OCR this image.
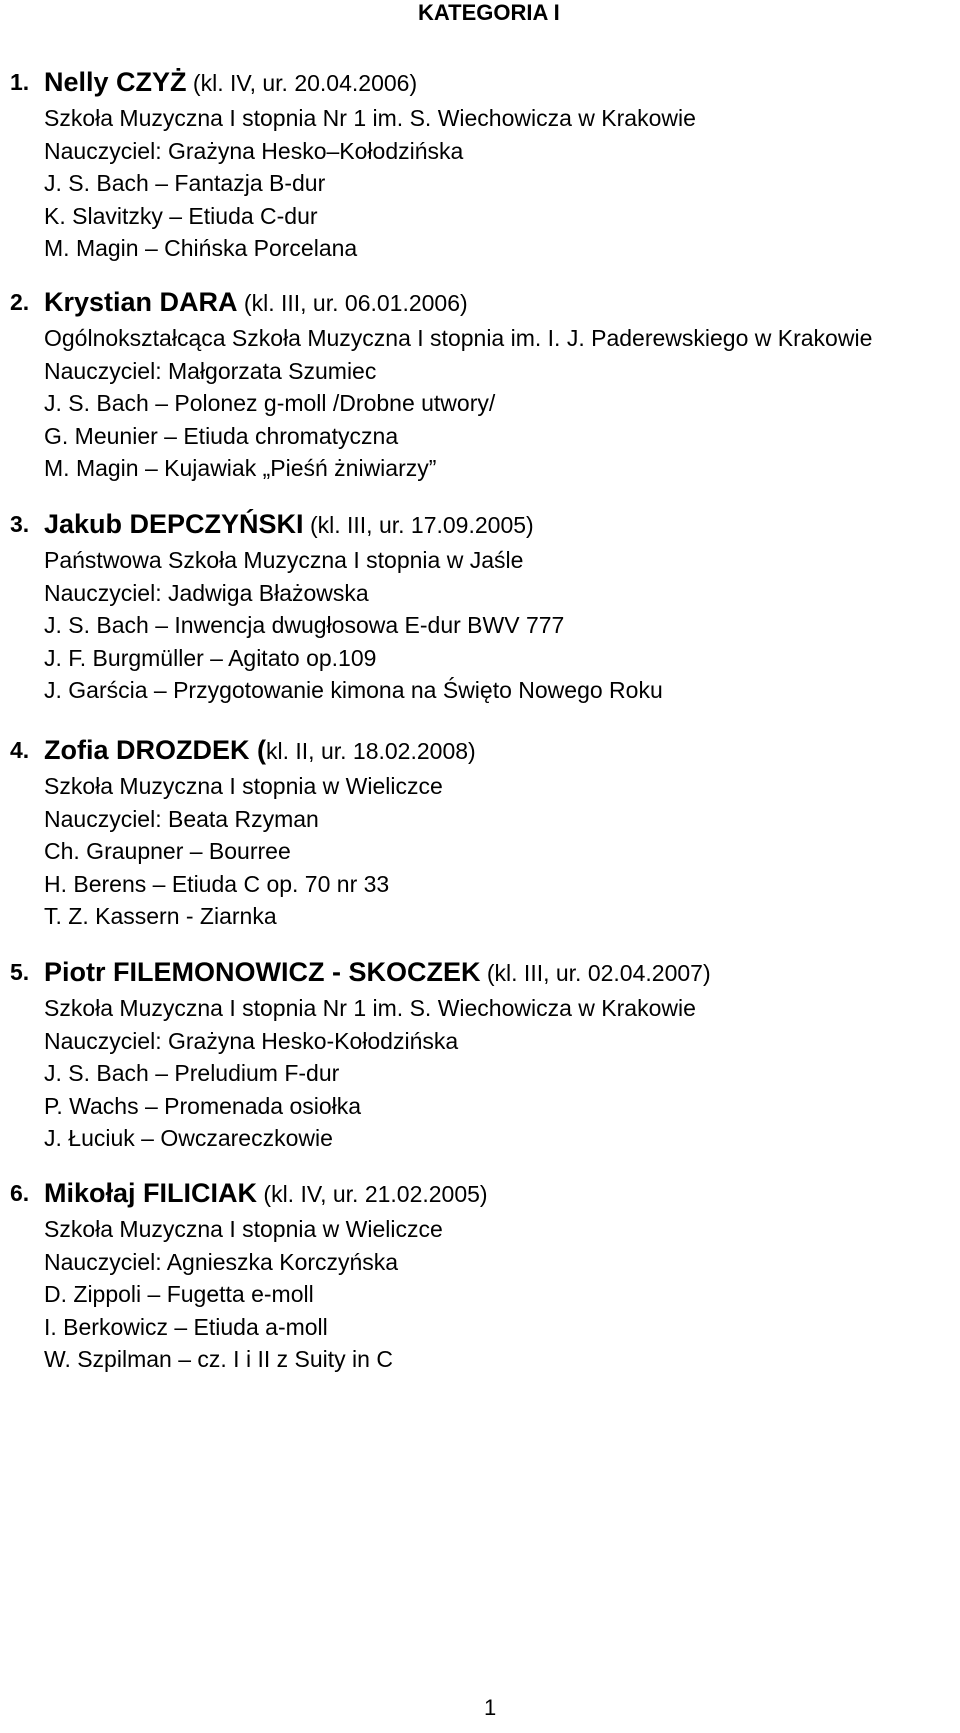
KATEGORIA I
1. Nelly CZYŻ (kl. IV, ur. 20.04.2006)
Szkoła Muzyczna I stopnia Nr 1 im. S. Wiechowicza w Krakowie
Nauczyciel: Grażyna Hesko–Kołodzińska
J. S. Bach – Fantazja B-dur
K. Slavitzky – Etiuda C-dur
M. Magin – Chińska Porcelana
2. Krystian DARA (kl. III, ur. 06.01.2006)
Ogólnokształcąca Szkoła Muzyczna I stopnia im. I. J. Paderewskiego w Krakowie
Nauczyciel: Małgorzata Szumiec
J. S. Bach – Polonez g-moll /Drobne utwory/
G. Meunier – Etiuda chromatyczna
M. Magin – Kujawiak „Pieśń żniwiarzy”
3. Jakub DEPCZYŃSKI (kl. III, ur. 17.09.2005)
Państwowa Szkoła Muzyczna I stopnia w Jaśle
Nauczyciel: Jadwiga Błażowska
J. S. Bach – Inwencja dwugłosowa E-dur BWV 777
J. F. Burgmüller – Agitato op.109
J. Garścia – Przygotowanie kimona na Święto Nowego Roku
4. Zofia DROZDEK (kl. II, ur. 18.02.2008)
Szkoła Muzyczna I stopnia w Wieliczce
Nauczyciel: Beata Rzyman
Ch. Graupner – Bourree
H. Berens – Etiuda C op. 70 nr 33
T. Z. Kassern - Ziarnka
5. Piotr FILEMONOWICZ - SKOCZEK (kl. III, ur. 02.04.2007)
Szkoła Muzyczna I stopnia Nr 1 im. S. Wiechowicza w Krakowie
Nauczyciel: Grażyna Hesko-Kołodzińska
J. S. Bach – Preludium F-dur
P. Wachs – Promenada osiołka
J. Łuciuk – Owczareczkowie
6. Mikołaj FILICIAK (kl. IV, ur. 21.02.2005)
Szkoła Muzyczna I stopnia w Wieliczce
Nauczyciel: Agnieszka Korczyńska
D. Zippoli – Fugetta e-moll
I. Berkowicz – Etiuda a-moll
W. Szpilman – cz. I i II z Suity in C
1
